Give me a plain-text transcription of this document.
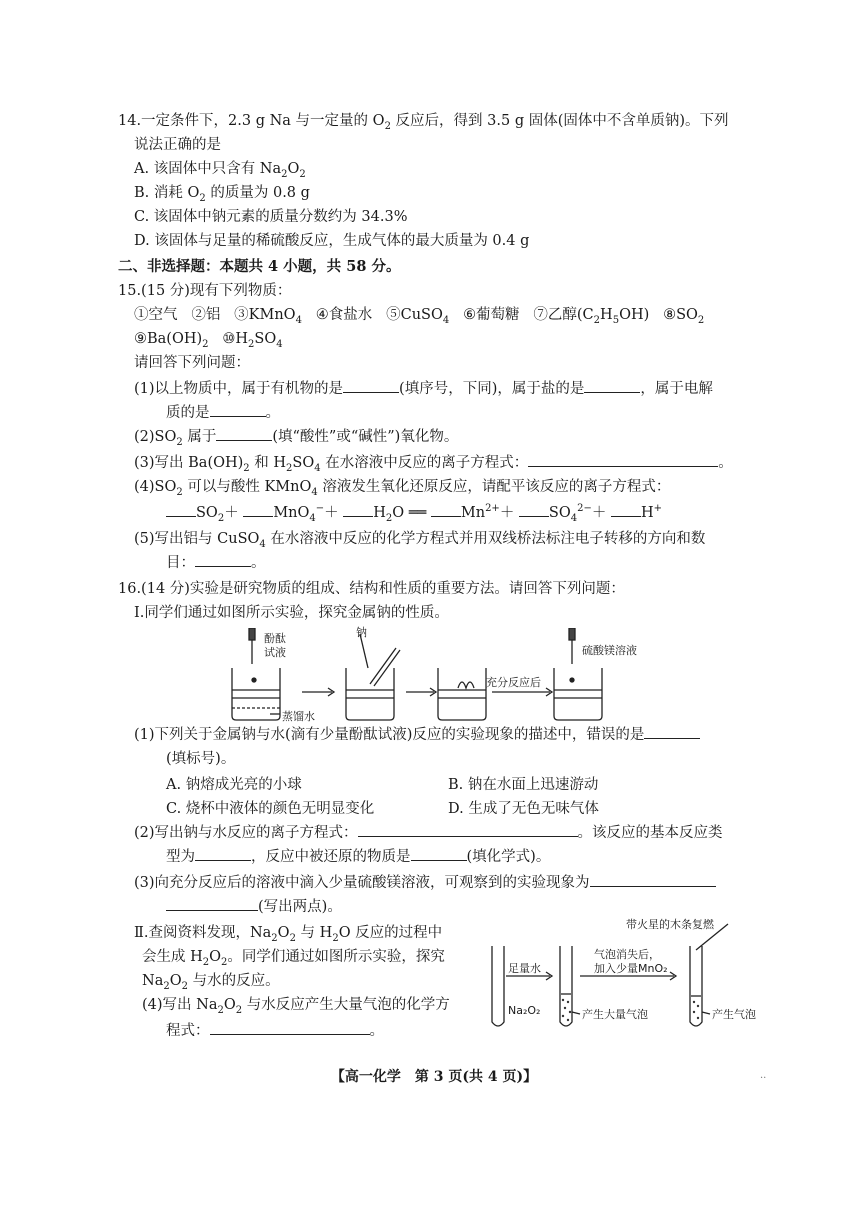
14.一定条件下，2.3 g Na 与一定量的 $O_2$ 反应后，得到 3.5 g 固体(固体中不含单质钠)。下列
说法正确的是
A. 该固体中只含有 $Na_2O_2$
B. 消耗 $O_2$ 的质量为 0.8 g
C. 该固体中钠元素的质量分数约为 34.3%
D. 该固体与足量的稀硫酸反应，生成气体的最大质量为 0.4 g
二、非选择题：本题共 4 小题，共 58 分。
15.(15 分)现有下列物质：
①空气 ②铝 ③KMnO$_4$ ④食盐水 ⑤CuSO$_4$ ⑥葡萄糖 ⑦乙醇$(C_2H_5OH)$ $⑧SO_2$
$⑨Ba(OH)_2$ $⑩H_2SO_4$
请回答下列问题：
(1)以上物质中，属于有机物的是	(填序号，下同)，属于盐的是	，属于电解
质的是	。
$(2)SO_2$ 属于	(填“酸性”或“碱性”)氧化物。
(3)写出 $Ba(OH)_2$ 和 $H_2SO_4$ 在水溶液中反应的离子方程式：	。
$(4)SO_2$ 可以与酸性 KMnO$_4$ 溶液发生氧化还原反应，请配平该反应的离子方程式：
$SO_2+ MnO_4^-+ H_2O$ ══ $Mn^{2+}+ SO_4^{2-}+ H^+$
(5)写出铝与 CuSO$_4$ 在水溶液中反应的化学方程式并用双线桥法标注电子转移的方向和数
目：	。
16.(14 分)实验是研究物质的组成、结构和性质的重要方法。请回答下列问题：
Ⅰ.同学们通过如图所示实验，探究金属钠的性质。
酚酞
试液
钠
蒸馏水
充分反应后
硫酸镁溶液
(1)下列关于金属钠与水(滴有少量酚酞试液)反应的实验现象的描述中，错误的是
(填标号)。
A. 钠熔成光亮的小球	B. 钠在水面上迅速游动
C. 烧杯中液体的颜色无明显变化	D. 生成了无色无味气体
(2)写出钠与水反应的离子方程式：	。该反应的基本反应类
型为	，反应中被还原的物质是	(填化学式)。
(3)向充分反应后的溶液中滴入少量硫酸镁溶液，可观察到的实验现象为
(写出两点)。
Ⅱ.查阅资料发现，$Na_2O_2$ 与 $H_2O$ 反应的过程中
会生成 $H_2O_2$。同学们通过如图所示实验，探究
$Na_2O_2$ 与水的反应。
(4)写出 $Na_2O_2$ 与水反应产生大量气泡的化学方
程式：	。
带火星的木条复燃
足量水
Na₂O₂
气泡消失后，
加入少量MnO₂
产生大量气泡	产生气泡
【高一化学　第 3 页(共 4 页)】	..
